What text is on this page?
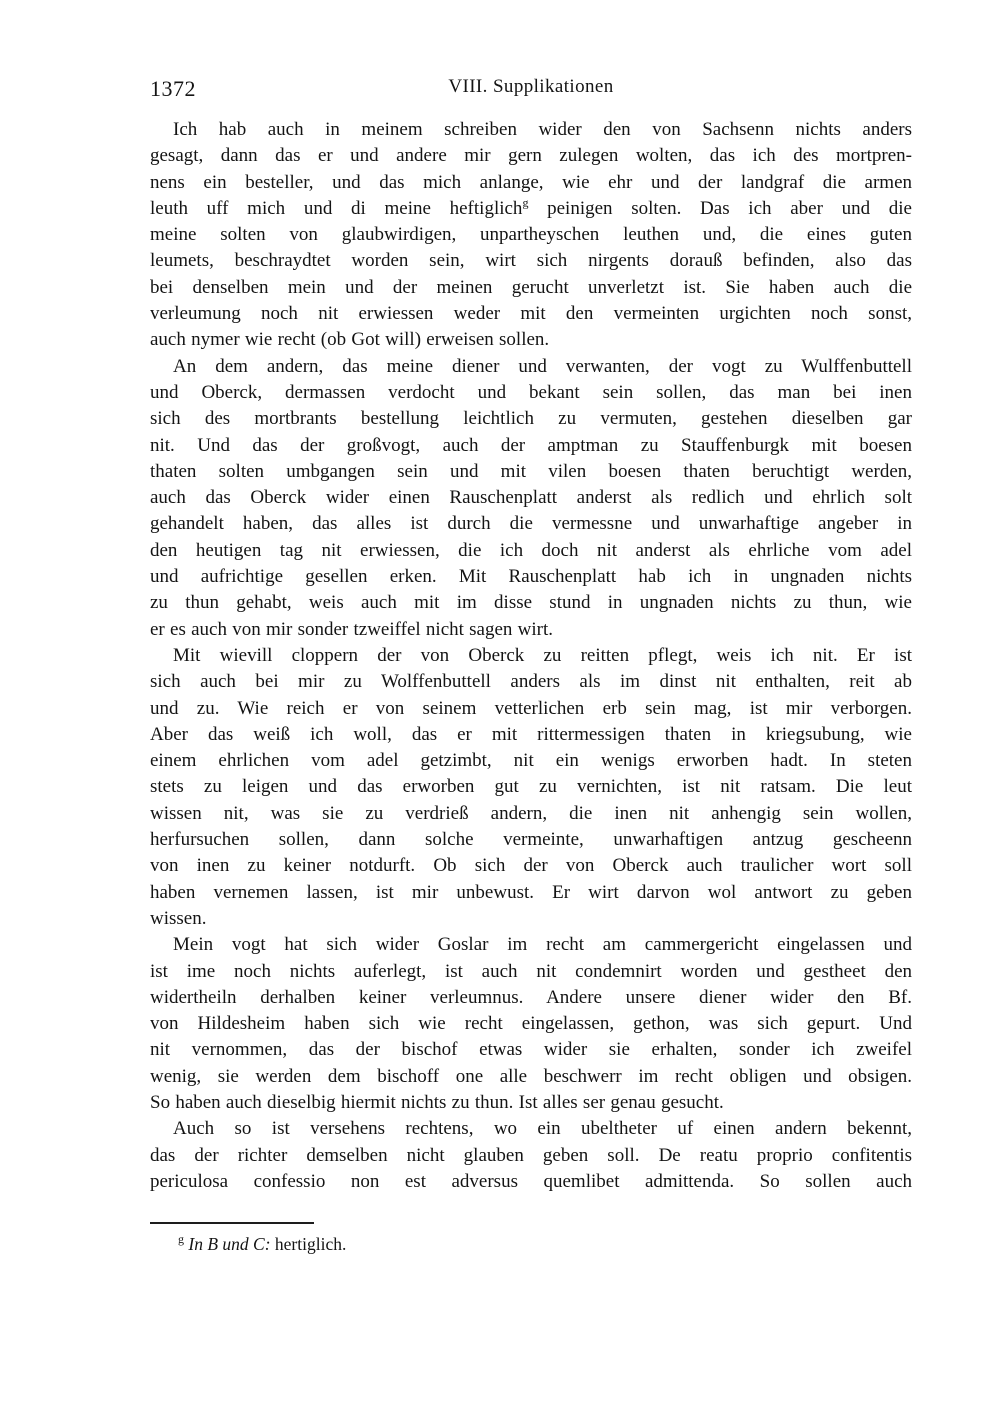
1372	VIII. Supplikationen
Ich hab auch in meinem schreiben wider den von Sachsenn nichts anders
gesagt, dann das er und andere mir gern zulegen wolten, das ich des mortpren-
nens ein besteller, und das mich anlange, wie ehr und der landgraf die armen
leuth uff mich und di meine heftiglich$^g$ peinigen solten. Das ich aber und die
meine solten von glaubwirdigen, unpartheyschen leuthen und, die eines guten
leumets, beschraydtet worden sein, wirt sich nirgents dorauß befinden, also das
bei denselben mein und der meinen gerucht unverletzt ist. Sie haben auch die
verleumung noch nit erwiessen weder mit den vermeinten urgichten noch sonst,
auch nymer wie recht (ob Got will) erweisen sollen.
An dem andern, das meine diener und verwanten, der vogt zu Wulffenbuttell
und Oberck, dermassen verdocht und bekant sein sollen, das man bei inen
sich des mortbrants bestellung leichtlich zu vermuten, gestehen dieselben gar
nit. Und das der großvogt, auch der amptman zu Stauffenburgk mit boesen
thaten solten umbgangen sein und mit vilen boesen thaten beruchtigt werden,
auch das Oberck wider einen Rauschenplatt anderst als redlich und ehrlich solt
gehandelt haben, das alles ist durch die vermessne und unwarhaftige angeber in
den heutigen tag nit erwiessen, die ich doch nit anderst als ehrliche vom adel
und aufrichtige gesellen erken. Mit Rauschenplatt hab ich in ungnaden nichts
zu thun gehabt, weis auch mit im disse stund in ungnaden nichts zu thun, wie
er es auch von mir sonder tzweiffel nicht sagen wirt.
Mit wievill cloppern der von Oberck zu reitten pflegt, weis ich nit. Er ist
sich auch bei mir zu Wolffenbuttell anders als im dinst nit enthalten, reit ab
und zu. Wie reich er von seinem vetterlichen erb sein mag, ist mir verborgen.
Aber das weiß ich woll, das er mit rittermessigen thaten in kriegsubung, wie
einem ehrlichen vom adel getzimbt, nit ein wenigs erworben hadt. In steten
stets zu leigen und das erworben gut zu vernichten, ist nit ratsam. Die leut
wissen nit, was sie zu verdrieß andern, die inen nit anhengig sein wollen,
herfursuchen sollen, dann solche vermeinte, unwarhaftigen antzug gescheenn
von inen zu keiner notdurft. Ob sich der von Oberck auch traulicher wort soll
haben vernemen lassen, ist mir unbewust. Er wirt darvon wol antwort zu geben
wissen.
Mein vogt hat sich wider Goslar im recht am cammergericht eingelassen und
ist ime noch nichts auferlegt, ist auch nit condemnirt worden und gestheet den
widertheiln derhalben keiner verleumnus. Andere unsere diener wider den Bf.
von Hildesheim haben sich wie recht eingelassen, gethon, was sich gepurt. Und
nit vernommen, das der bischof etwas wider sie erhalten, sonder ich zweifel
wenig, sie werden dem bischoff one alle beschwerr im recht obligen und obsigen.
So haben auch dieselbig hiermit nichts zu thun. Ist alles ser genau gesucht.
Auch so ist versehens rechtens, wo ein ubeltheter uf einen andern bekennt,
das der richter demselben nicht glauben geben soll. De reatu proprio confitentis
periculosa confessio non est adversus quemlibet admittenda. So sollen auch
$^g$ In B und C: hertiglich.
